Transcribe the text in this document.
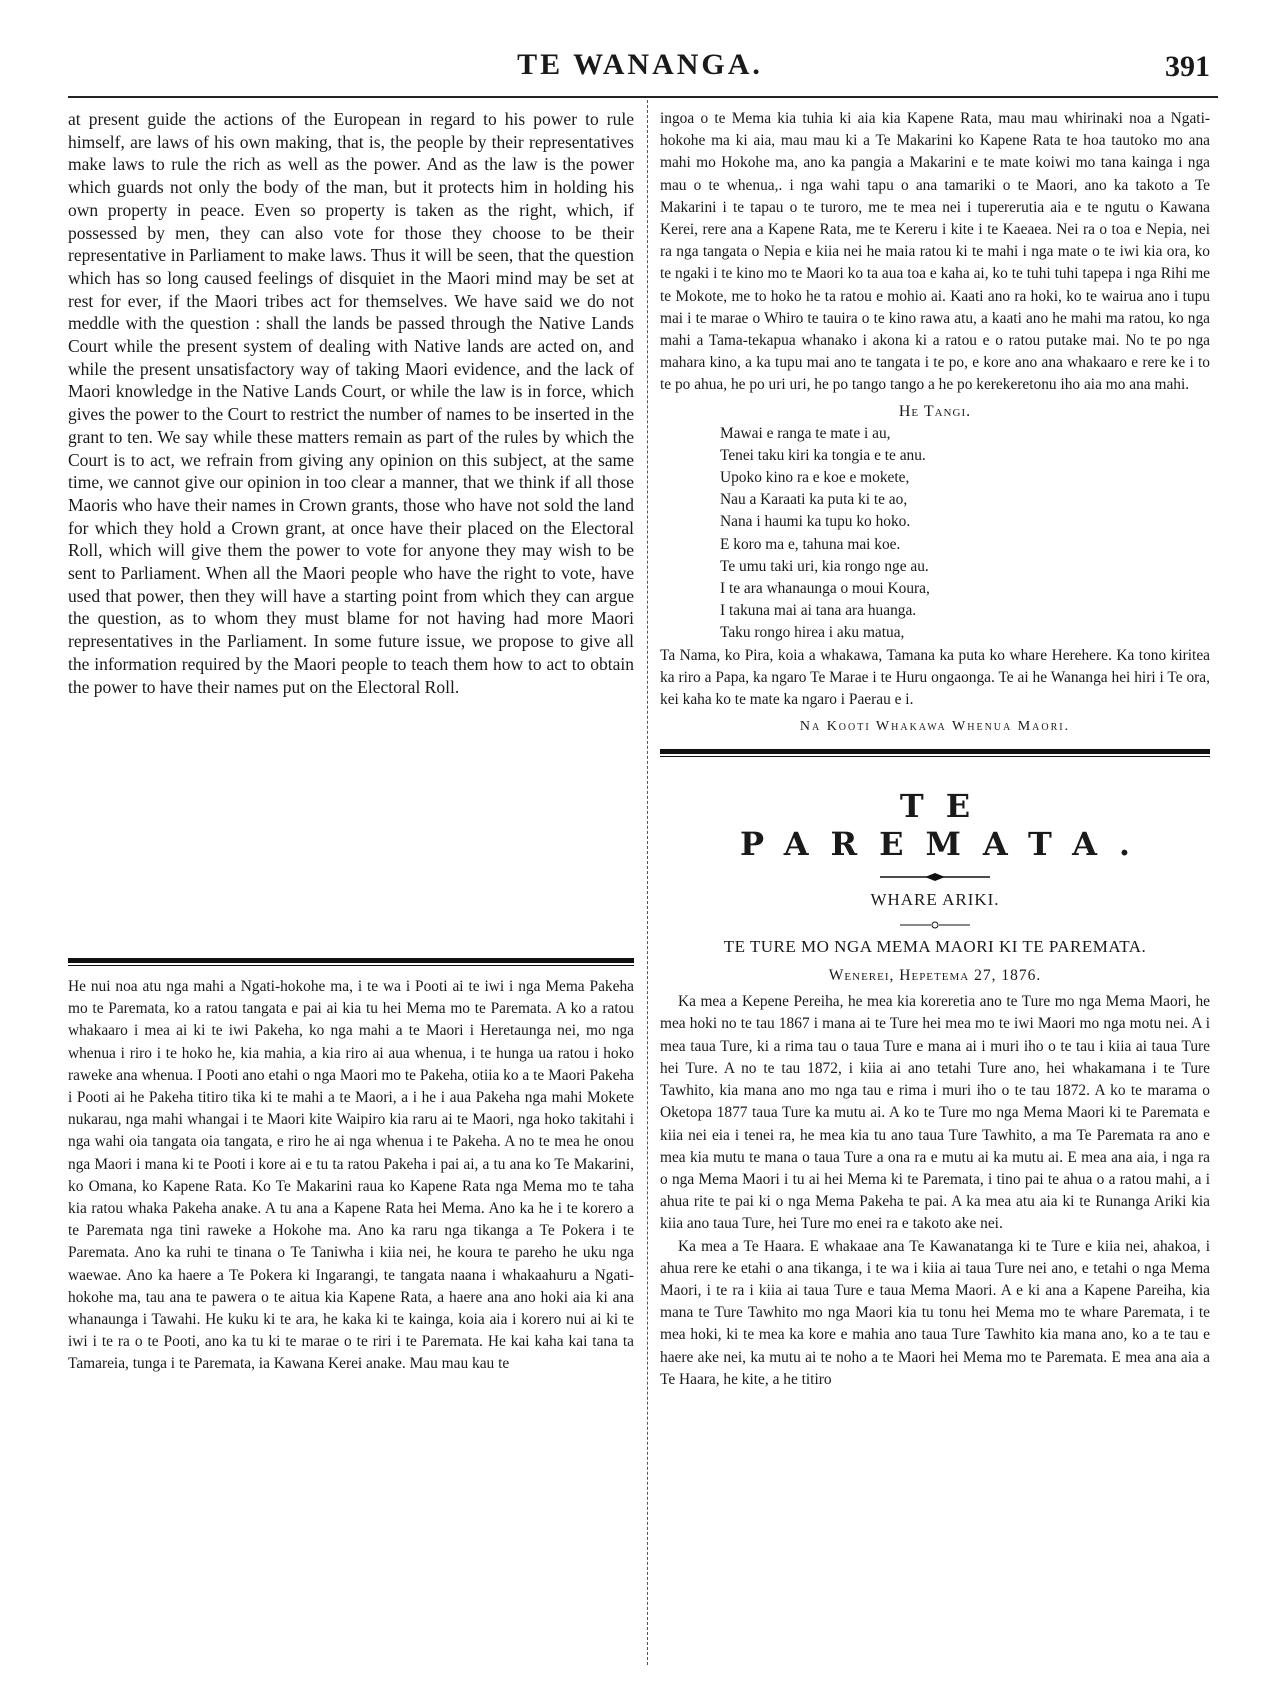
TE WANANGA.	391

at present guide the actions of the European in regard to his power to rule himself, are laws of his own making, that is, the people by their representatives make laws to rule the rich as well as the power. And as the law is the power which guards not only the body of the man, but it protects him in holding his own property in peace. Even so property is taken as the right, which, if possessed by men, they can also vote for those they choose to be their representative in Parliament to make laws. Thus it will be seen, that the question which has so long caused feelings of disquiet in the Maori mind may be set at rest for ever, if the Maori tribes act for themselves. We have said we do not meddle with the question : shall the lands be passed through the Native Lands Court while the present system of dealing with Native lands are acted on, and while the present unsatisfactory way of taking Maori evidence, and the lack of Maori knowledge in the Native Lands Court, or while the law is in force, which gives the power to the Court to restrict the number of names to be inserted in the grant to ten. We say while these matters remain as part of the rules by which the Court is to act, we refrain from giving any opinion on this subject, at the same time, we cannot give our opinion in too clear a manner, that we think if all those Maoris who have their names in Crown grants, those who have not sold the land for which they hold a Crown grant, at once have their placed on the Electoral Roll, which will give them the power to vote for anyone they may wish to be sent to Parliament. When all the Maori people who have the right to vote, have used that power, then they will have a starting point from which they can argue the question, as to whom they must blame for not having had more Maori representatives in the Parliament. In some future issue, we propose to give all the information required by the Maori people to teach them how to act to obtain the power to have their names put on the Electoral Roll.

He nui noa atu nga mahi a Ngati-hokohe ma, i te wa i Pooti ai te iwi i nga Mema Pakeha mo te Paremata, ko a ratou tangata e pai ai kia tu hei Mema mo te Paremata. A ko a ratou whakaaro i mea ai ki te iwi Pakeha, ko nga mahi a te Maori i Heretaunga nei, mo nga whenua i riro i te hoko he, kia mahia, a kia riro ai aua whenua, i te hunga ua ratou i hoko raweke ana whenua. I Pooti ano etahi o nga Maori mo te Pakeha, otiia ko a te Maori Pakeha i Pooti ai he Pakeha titiro tika ki te mahi a te Maori, a i he i aua Pakeha nga mahi Mokete nukarau, nga mahi whangai i te Maori kite Waipiro kia raru ai te Maori, nga hoko takitahi i nga wahi oia tangata oia tangata, e riro he ai nga whenua i te Pakeha. A no te mea he onou nga Maori i mana ki te Pooti i kore ai e tu ta ratou Pakeha i pai ai, a tu ana ko Te Makarini, ko Omana, ko Kapene Rata. Ko Te Makarini raua ko Kapene Rata nga Mema mo te taha kia ratou whaka Pakeha anake. A tu ana a Kapene Rata hei Mema. Ano ka he i te korero a te Paremata nga tini raweke a Hokohe ma. Ano ka raru nga tikanga a Te Pokera i te Paremata. Ano ka ruhi te tinana o Te Taniwha i kiia nei, he koura te pareho he uku nga waewae. Ano ka haere a Te Pokera ki Ingarangi, te tangata naana i whakaahuru a Ngati-hokohe ma, tau ana te pawera o te aitua kia Kapene Rata, a haere ana ano hoki aia ki ana whanaunga i Tawahi. He kuku ki te ara, he kaka ki te kainga, koia aia i korero nui ai ki te iwi i te ra o te Pooti, ano ka tu ki te marae o te riri i te Paremata. He kai kaha kai tana ta Tamareia, tunga i te Paremata, ia Kawana Kerei anake. Mau mau kau te

ingoa o te Mema kia tuhia ki aia kia Kapene Rata, mau mau whirinaki noa a Ngati-hokohe ma ki aia, mau mau ki a Te Makarini ko Kapene Rata te hoa tautoko mo ana mahi mo Hokohe ma, ano ka pangia a Makarini e te mate koiwi mo tana kainga i nga mau o te whenua,. i nga wahi tapu o ana tamariki o te Maori, ano ka takoto a Te Makarini i te tapau o te turoro, me te mea nei i tupererutia aia e te ngutu o Kawana Kerei, rere ana a Kapene Rata, me te Kereru i kite i te Kaeaea. Nei ra o toa e Nepia, nei ra nga tangata o Nepia e kiia nei he maia ratou ki te mahi i nga mate o te iwi kia ora, ko te ngaki i te kino mo te Maori ko ta aua toa e kaha ai, ko te tuhi tuhi tapepa i nga Rihi me te Mokote, me to hoko he ta ratou e mohio ai. Kaati ano ra hoki, ko te wairua ano i tupu mai i te marae o Whiro te tauira o te kino rawa atu, a kaati ano he mahi ma ratou, ko nga mahi a Tama-tekapua whanako i akona ki a ratou e o ratou putake mai. No te po nga mahara kino, a ka tupu mai ano te tangata i te po, e kore ano ana whakaaro e rere ke i to te po ahua, he po uri uri, he po tango tango a he po kerekeretonu iho aia mo ana mahi.

He Tangi.
Mawai e ranga te mate i au,
Tenei taku kiri ka tongia e te anu.
Upoko kino ra e koe e mokete,
Nau a Karaati ka puta ki te ao,
Nana i haumi ka tupu ko hoko.
E koro ma e, tahuna mai koe.
Te umu taki uri, kia rongo nge au.
I te ara whanaunga o moui Koura,
I takuna mai ai tana ara huanga.
Taku rongo hirea i aku matua,

Ta Nama, ko Pira, koia a whakawa, Tamana ka puta ko whare Herehere. Ka tono kiritea ka riro a Papa, ka ngaro Te Marae i te Huru ongaonga. Te ai he Wananga hei hiri i Te ora, kei kaha ko te mate ka ngaro i Paerau e i.

Na Kooti Whakawa Whenua Maori.
TE PAREMATA.
WHARE ARIKI.
TE TURE MO NGA MEMA MAORI KI TE PAREMATA.
Wenerei, Hepetema 27, 1876.

Ka mea a Kepene Pereiha, he mea kia koreretia ano te Ture mo nga Mema Maori, he mea hoki no te tau 1867 i mana ai te Ture hei mea mo te iwi Maori mo nga motu nei. A i mea taua Ture, ki a rima tau o taua Ture e mana ai i muri iho o te tau i kiia ai taua Ture hei Ture. A no te tau 1872, i kiia ai ano tetahi Ture ano, hei whakamana i te Ture Tawhito, kia mana ano mo nga tau e rima i muri iho o te tau 1872. A ko te marama o Oketopa 1877 taua Ture ka mutu ai. A ko te Ture mo nga Mema Maori ki te Paremata e kiia nei eia i tenei ra, he mea kia tu ano taua Ture Tawhito, a ma Te Paremata ra ano e mea kia mutu te mana o taua Ture a ona ra e mutu ai ka mutu ai. E mea ana aia, i nga ra o nga Mema Maori i tu ai hei Mema ki te Paremata, i tino pai te ahua o a ratou mahi, a i ahua rite te pai ki o nga Mema Pakeha te pai. A ka mea atu aia ki te Runanga Ariki kia kiia ano taua Ture, hei Ture mo enei ra e takoto ake nei.

Ka mea a Te Haara. E whakaae ana Te Kawanatanga ki te Ture e kiia nei, ahakoa, i ahua rere ke etahi o ana tikanga, i te wa i kiia ai taua Ture nei ano, e tetahi o nga Mema Maori, i te ra i kiia ai taua Ture e taua Mema Maori. A e ki ana a Kapene Pareiha, kia mana te Ture Tawhito mo nga Maori kia tu tonu hei Mema mo te whare Paremata, i te mea hoki, ki te mea ka kore e mahia ano taua Ture Tawhito kia mana ano, ko a te tau e haere ake nei, ka mutu ai te noho a te Maori hei Mema mo te Paremata. E mea ana aia a Te Haara, he kite, a he titiro
